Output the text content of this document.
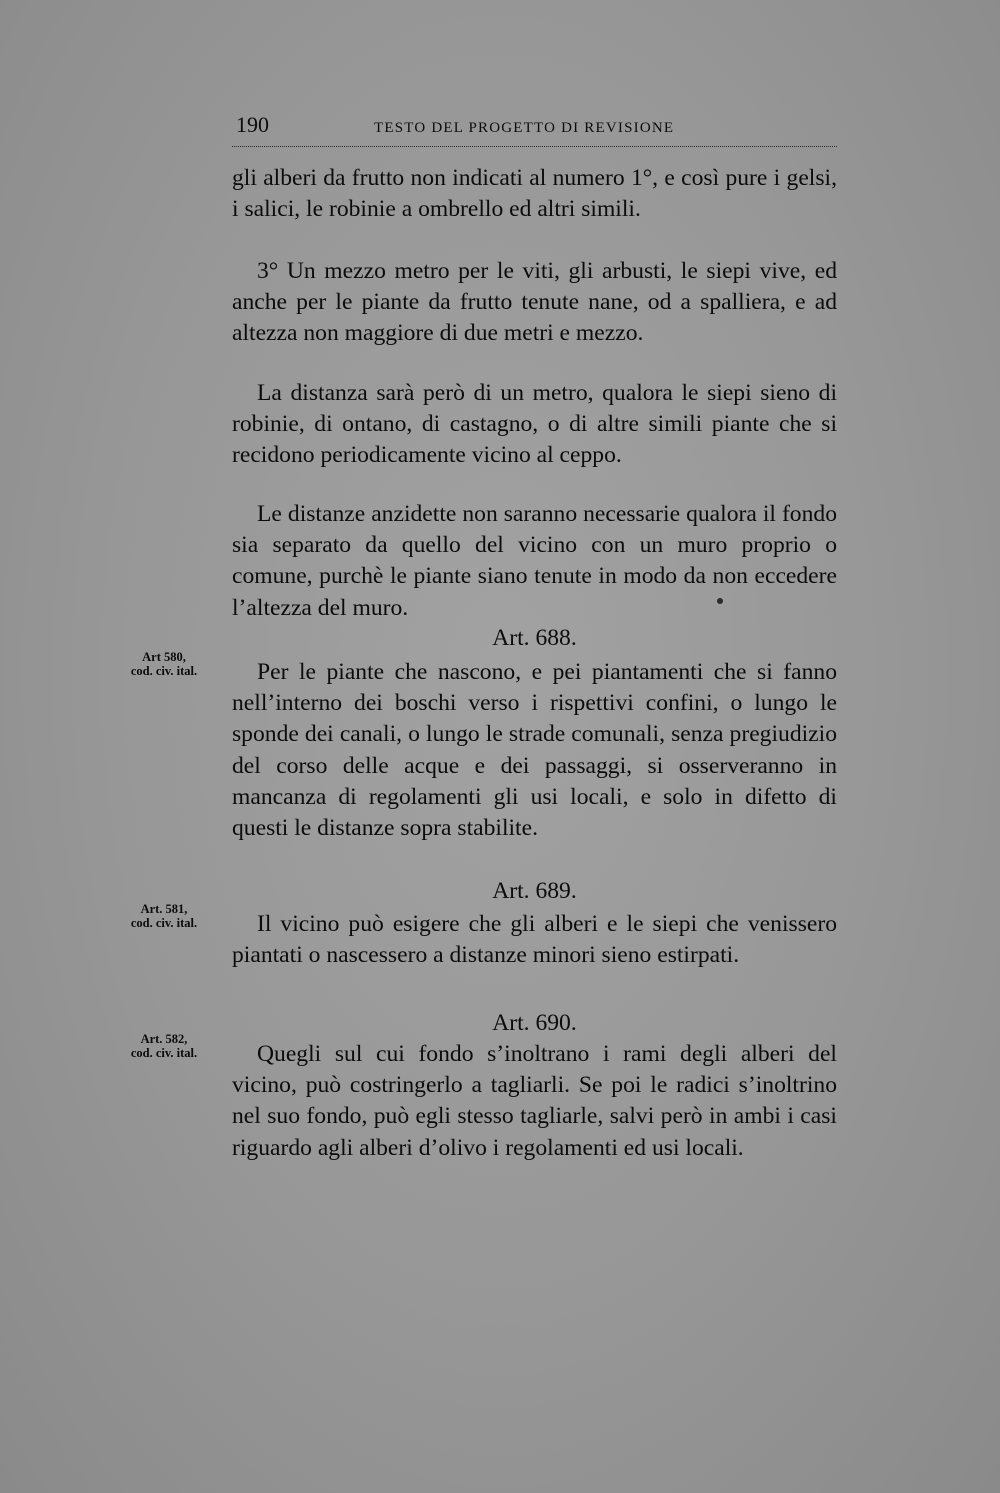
190	TESTO DEL PROGETTO DI REVISIONE

gli alberi da frutto non indicati al numero 1°, e così pure i gelsi, i salici, le robinie a ombrello ed altri simili.

3° Un mezzo metro per le viti, gli arbusti, le siepi vive, ed anche per le piante da frutto tenute nane, od a spalliera, e ad altezza non maggiore di due metri e mezzo.

La distanza sarà però di un metro, qualora le siepi sieno di robinie, di ontano, di castagno, o di altre simili piante che si recidono periodicamente vicino al ceppo.

Le distanze anzidette non saranno necessarie qualora il fondo sia separato da quello del vicino con un muro proprio o comune, purchè le piante siano tenute in modo da non eccedere l’altezza del muro.

Art. 688.

Art 580,
cod. civ. ital.	Per le piante che nascono, e pei piantamenti che si fanno nell’interno dei boschi verso i rispettivi confini, o lungo le sponde dei canali, o lungo le strade comunali, senza pregiudizio del corso delle acque e dei passaggi, si osserveranno in mancanza di regolamenti gli usi locali, e solo in difetto di questi le distanze sopra stabilite.

Art. 689.

Art. 581,
cod. civ. ital.	Il vicino può esigere che gli alberi e le siepi che venissero piantati o nascessero a distanze minori sieno estirpati.

Art. 690.

Art. 582,
cod. civ. ital.	Quegli sul cui fondo s’inoltrano i rami degli alberi del vicino, può costringerlo a tagliarli. Se poi le radici s’inoltrino nel suo fondo, può egli stesso tagliarle, salvi però in ambi i casi riguardo agli alberi d’olivo i regolamenti ed usi locali.
